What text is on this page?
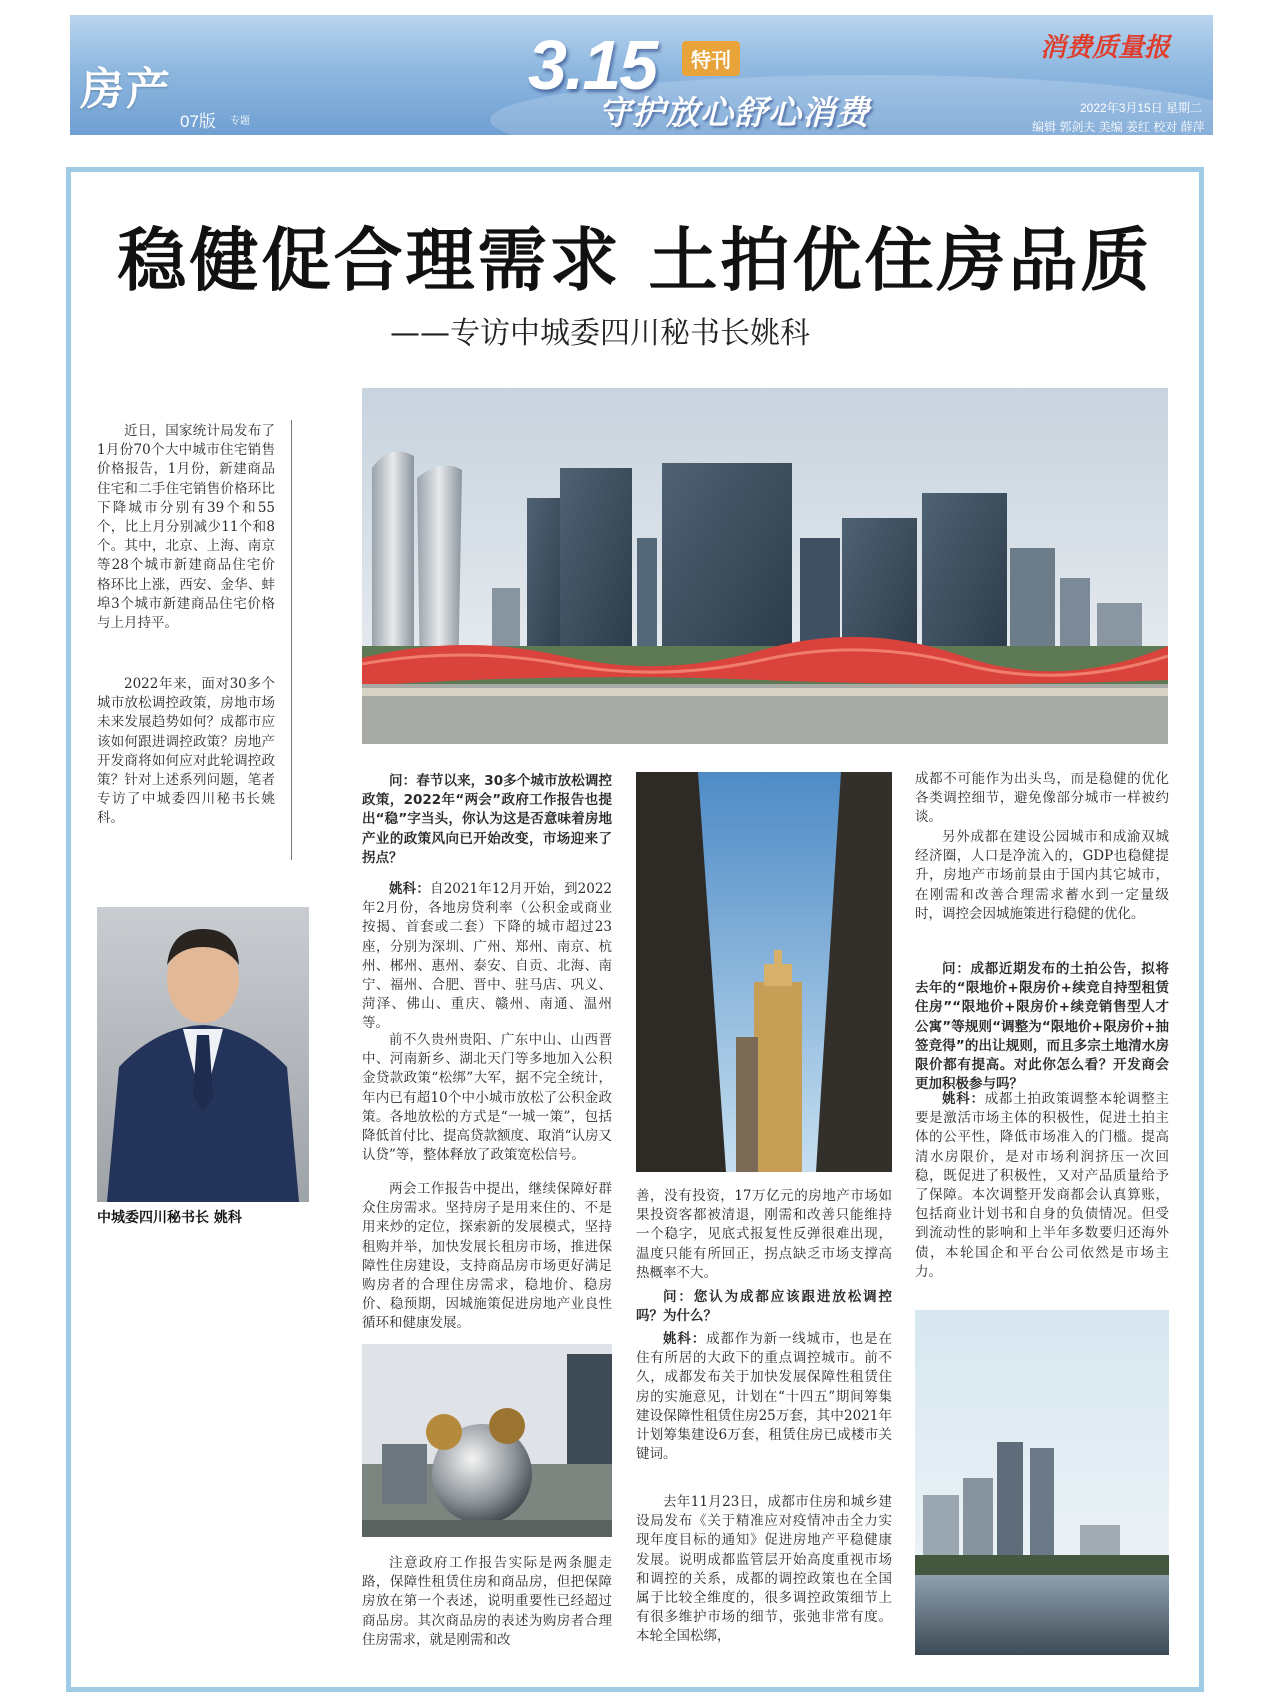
房产
07版 专题
3.15	特刊
守护放心舒心消费
消费质量报
2022年3月15日 星期二
编辑 郭剑夫 美编 姜红 校对 薛萍
稳健促合理需求 土拍优住房品质
——专访中城委四川秘书长姚科

近日，国家统计局发布了1月份70个大中城市住宅销售价格报告，1月份，新建商品住宅和二手住宅销售价格环比下降城市分别有39个和55个，比上月分别减少11个和8个。其中，北京、上海、南京等28个城市新建商品住宅价格环比上涨，西安、金华、蚌埠3个城市新建商品住宅价格与上月持平。

2022年来，面对30多个城市放松调控政策，房地市场未来发展趋势如何？成都市应该如何跟进调控政策？房地产开发商将如何应对此轮调控政策？针对上述系列问题，笔者专访了中城委四川秘书长姚科。

中城委四川秘书长 姚科

问：春节以来，30多个城市放松调控政策，2022年“两会”政府工作报告也提出“稳”字当头，你认为这是否意味着房地产业的政策风向已开始改变，市场迎来了拐点？

姚科：自2021年12月开始，到2022年2月份，各地房贷利率（公积金或商业按揭、首套或二套）下降的城市超过23座，分别为深圳、广州、郑州、南京、杭州、郴州、惠州、泰安、自贡、北海、南宁、福州、合肥、晋中、驻马店、巩义、菏泽、佛山、重庆、赣州、南通、温州等。

前不久贵州贵阳、广东中山、山西晋中、河南新乡、湖北天门等多地加入公积金贷款政策“松绑”大军，据不完全统计，年内已有超10个中小城市放松了公积金政策。各地放松的方式是“一城一策”，包括降低首付比、提高贷款额度、取消“认房又认贷”等，整体释放了政策宽松信号。

两会工作报告中提出，继续保障好群众住房需求。坚持房子是用来住的、不是用来炒的定位，探索新的发展模式，坚持租购并举，加快发展长租房市场，推进保障性住房建设，支持商品房市场更好满足购房者的合理住房需求，稳地价、稳房价、稳预期，因城施策促进房地产业良性循环和健康发展。

注意政府工作报告实际是两条腿走路，保障性租赁住房和商品房，但把保障房放在第一个表述，说明重要性已经超过商品房。其次商品房的表述为购房者合理住房需求，就是刚需和改

善，没有投资，17万亿元的房地产市场如果投资客都被清退，刚需和改善只能维持一个稳字，见底式报复性反弹很难出现，温度只能有所回正，拐点缺乏市场支撑高热概率不大。

问：您认为成都应该跟进放松调控吗？为什么？

姚科：成都作为新一线城市，也是在住有所居的大政下的重点调控城市。前不久，成都发布关于加快发展保障性租赁住房的实施意见，计划在“十四五”期间筹集建设保障性租赁住房25万套，其中2021年计划筹集建设6万套，租赁住房已成楼市关键词。

去年11月23日，成都市住房和城乡建设局发布《关于精准应对疫情冲击全力实现年度目标的通知》促进房地产平稳健康发展。说明成都监管层开始高度重视市场和调控的关系，成都的调控政策也在全国属于比较全维度的，很多调控政策细节上有很多维护市场的细节，张弛非常有度。本轮全国松绑，

成都不可能作为出头鸟，而是稳健的优化各类调控细节，避免像部分城市一样被约谈。

另外成都在建设公园城市和成渝双城经济圈，人口是净流入的，GDP也稳健提升，房地产市场前景由于国内其它城市，在刚需和改善合理需求蓄水到一定量级时，调控会因城施策进行稳健的优化。

问：成都近期发布的土拍公告，拟将去年的“限地价+限房价+续竞自持型租赁住房”“限地价+限房价+续竞销售型人才公寓”等规则“调整为“限地价+限房价+抽签竞得”的出让规则，而且多宗土地清水房限价都有提高。对此你怎么看？开发商会更加积极参与吗？

姚科：成都土拍政策调整本轮调整主要是激活市场主体的积极性，促进土拍主体的公平性，降低市场准入的门槛。提高清水房限价，是对市场利润挤压一次回稳，既促进了积极性，又对产品质量给予了保障。本次调整开发商都会认真算账，包括商业计划书和自身的负债情况。但受到流动性的影响和上半年多数要归还海外债，本轮国企和平台公司依然是市场主力。
